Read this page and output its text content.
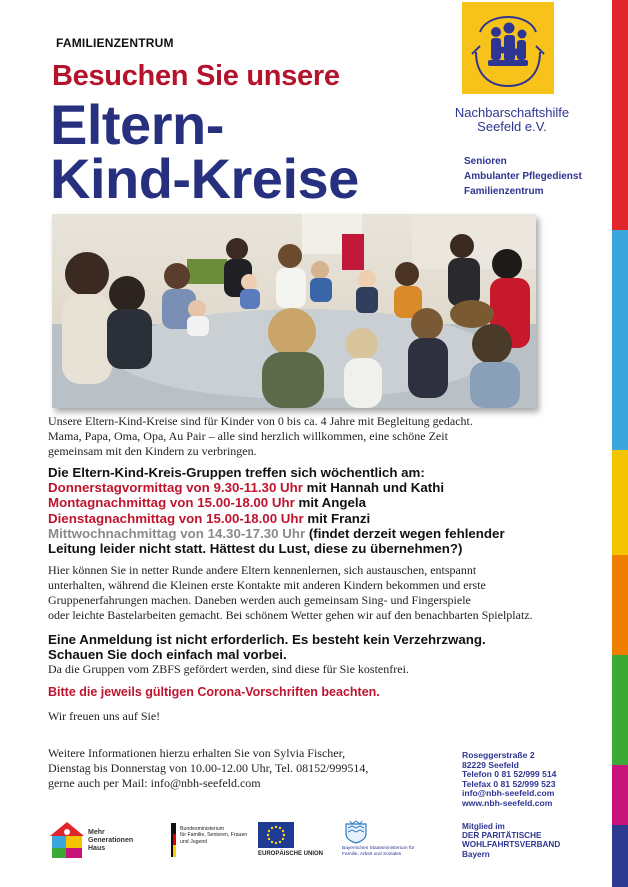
FAMILIENZENTRUM
Besuchen Sie unsere
Eltern-
Kind-Kreise
Nachbarschaftshilfe
Seefeld e.V.
Senioren
Ambulanter Pflegedienst
Familienzentrum
Unsere Eltern-Kind-Kreise sind für Kinder von 0 bis ca. 4 Jahre mit Begleitung gedacht.
Mama, Papa, Oma, Opa, Au Pair – alle sind herzlich willkommen, eine schöne Zeit
gemeinsam mit den Kindern zu verbringen.
Die Eltern-Kind-Kreis-Gruppen treffen sich wöchentlich am:
Donnerstagvormittag von 9.30-11.30 Uhr mit Hannah und Kathi
Montagnachmittag von 15.00-18.00 Uhr mit Angela
Dienstagnachmittag von 15.00-18.00 Uhr mit Franzi
Mittwochnachmittag von 14.30-17.30 Uhr (findet derzeit wegen fehlender
Leitung leider nicht statt. Hättest du Lust, diese zu übernehmen?)
Hier können Sie in netter Runde andere Eltern kennenlernen, sich austauschen, entspannt
unterhalten, während die Kleinen erste Kontakte mit anderen Kindern bekommen und erste
Gruppenerfahrungen machen. Daneben werden auch gemeinsam Sing- und Fingerspiele
oder leichte Bastelarbeiten gemacht. Bei schönem Wetter gehen wir auf den benachbarten Spielplatz.
Eine Anmeldung ist nicht erforderlich. Es besteht kein Verzehrzwang.
Schauen Sie doch einfach mal vorbei.
Da die Gruppen vom ZBFS gefördert werden, sind diese für Sie kostenfrei.
Bitte die jeweils gültigen Corona-Vorschriften beachten.
Wir freuen uns auf Sie!
Weitere Informationen hierzu erhalten Sie von Sylvia Fischer,
Dienstag bis Donnerstag von 10.00-12.00 Uhr, Tel. 08152/999514,
gerne auch per Mail: info@nbh-seefeld.com
Roseggerstraße 2
82229 Seefeld
Telefon 0 81 52/999 514
Telefax 0 81 52/999 523
info@nbh-seefeld.com
www.nbh-seefeld.com
Mitglied im
DER PARITÄTISCHE
WOHLFAHRTSVERBAND
Bayern
Mehr
Generationen
Haus
Bundesministerium
für Familie, Senioren, Frauen
und Jugend
EUROPÄISCHE UNION
Bayerisches Staatsministerium für
Familie, Arbeit und Soziales
